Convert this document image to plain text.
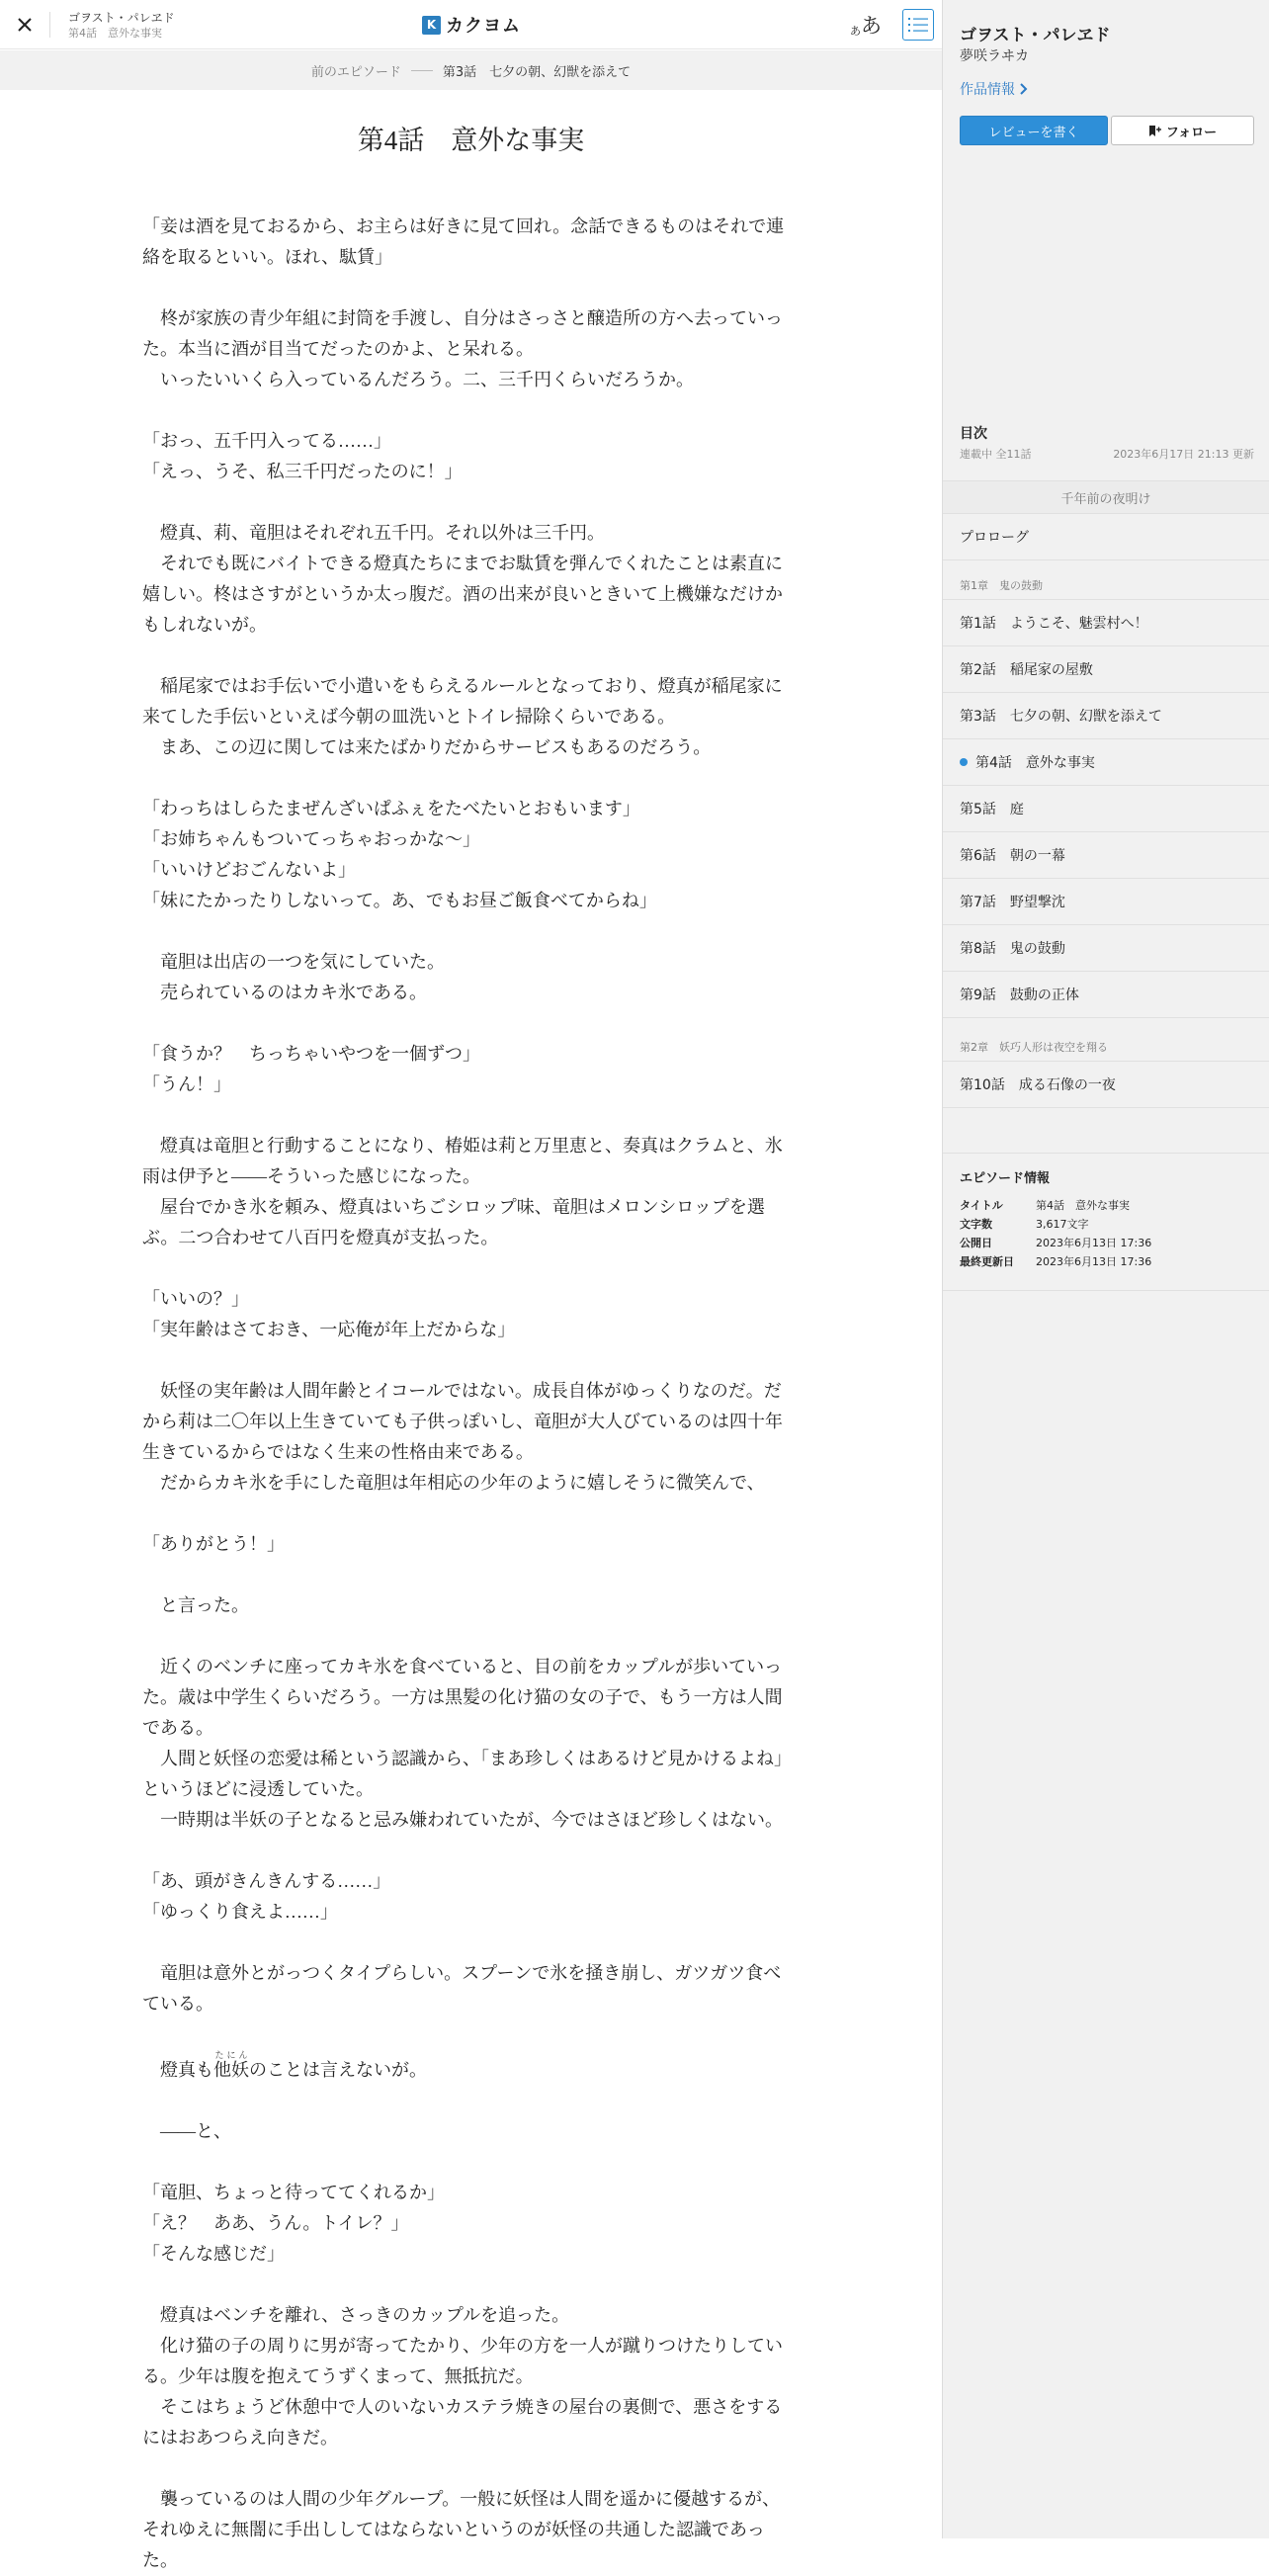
ゴヲスト・パレヱド
第4話　意外な事実
K カクヨム	あ あ
前のエピソード	第3話　七夕の朝、幻獣を添えて
第4話　意外な事実

「妾は酒を見ておるから、お主らは好きに見て回れ。念話できるものはそれで連絡を取るといい。ほれ、駄賃」

　柊が家族の青少年組に封筒を手渡し、自分はさっさと醸造所の方へ去っていった。本当に酒が目当てだったのかよ、と呆れる。

　いったいいくら入っているんだろう。二、三千円くらいだろうか。

「おっ、五千円入ってる……」

「えっ、うそ、私三千円だったのに！」

　燈真、莉、竜胆はそれぞれ五千円。それ以外は三千円。

　それでも既にバイトできる燈真たちにまでお駄賃を弾んでくれたことは素直に嬉しい。柊はさすがというか太っ腹だ。酒の出来が良いときいて上機嫌なだけかもしれないが。

　稲尾家ではお手伝いで小遣いをもらえるルールとなっており、燈真が稲尾家に来てした手伝いといえば今朝の皿洗いとトイレ掃除くらいである。

　まあ、この辺に関しては来たばかりだからサービスもあるのだろう。

「わっちはしらたまぜんざいぱふぇをたべたいとおもいます」

「お姉ちゃんもついてっちゃおっかな〜」

「いいけどおごんないよ」

「妹にたかったりしないって。あ、でもお昼ご飯食べてからね」

　竜胆は出店の一つを気にしていた。

　売られているのはカキ氷である。

「食うか？　ちっちゃいやつを一個ずつ」

「うん！」

　燈真は竜胆と行動することになり、椿姫は莉と万里恵と、奏真はクラムと、氷雨は伊予と——そういった感じになった。

　屋台でかき氷を頼み、燈真はいちごシロップ味、竜胆はメロンシロップを選ぶ。二つ合わせて八百円を燈真が支払った。

「いいの？」

「実年齢はさておき、一応俺が年上だからな」

　妖怪の実年齢は人間年齢とイコールではない。成長自体がゆっくりなのだ。だから莉は二〇年以上生きていても子供っぽいし、竜胆が大人びているのは四十年生きているからではなく生来の性格由来である。

　だからカキ氷を手にした竜胆は年相応の少年のように嬉しそうに微笑んで、

「ありがとう！」

　と言った。

　近くのベンチに座ってカキ氷を食べていると、目の前をカップルが歩いていった。歳は中学生くらいだろう。一方は黒髪の化け猫の女の子で、もう一方は人間である。

　人間と妖怪の恋愛は稀という認識から、「まあ珍しくはあるけど見かけるよね」というほどに浸透していた。

　一時期は半妖の子となると忌み嫌われていたが、今ではさほど珍しくはない。

「あ、頭がきんきんする……」

「ゆっくり食えよ……」

　竜胆は意外とがっつくタイプらしい。スプーンで氷を掻き崩し、ガツガツ食べている。

　燈真も他妖たにんのことは言えないが。

　——と、

「竜胆、ちょっと待っててくれるか」

「え？　ああ、うん。トイレ？」

「そんな感じだ」

　燈真はベンチを離れ、さっきのカップルを追った。

　化け猫の子の周りに男が寄ってたかり、少年の方を一人が蹴りつけたりしている。少年は腹を抱えてうずくまって、無抵抗だ。

　そこはちょうど休憩中で人のいないカステラ焼きの屋台の裏側で、悪さをするにはおあつらえ向きだ。

　襲っているのは人間の少年グループ。一般に妖怪は人間を遥かに優越するが、それゆえに無闇に手出ししてはならないというのが妖怪の共通した認識であった。

ゴヲスト・パレヱド
夢咲ラヰカ
作品情報
レビューを書く	フォロー
目次
連載中 全11話	2023年6月17日 21:13 更新
千年前の夜明け
プロローグ
第1章　鬼の鼓動
第1話　ようこそ、魅雲村へ！
第2話　稲尾家の屋敷
第3話　七夕の朝、幻獣を添えて
第4話　意外な事実
第5話　庭
第6話　朝の一幕
第7話　野望撃沈
第8話　鬼の鼓動
第9話　鼓動の正体
第2章　妖巧人形は夜空を翔る
第10話　成る石像の一夜
エピソード情報
タイトル	第4話　意外な事実
文字数	3,617文字
公開日	2023年6月13日 17:36
最終更新日	2023年6月13日 17:36
